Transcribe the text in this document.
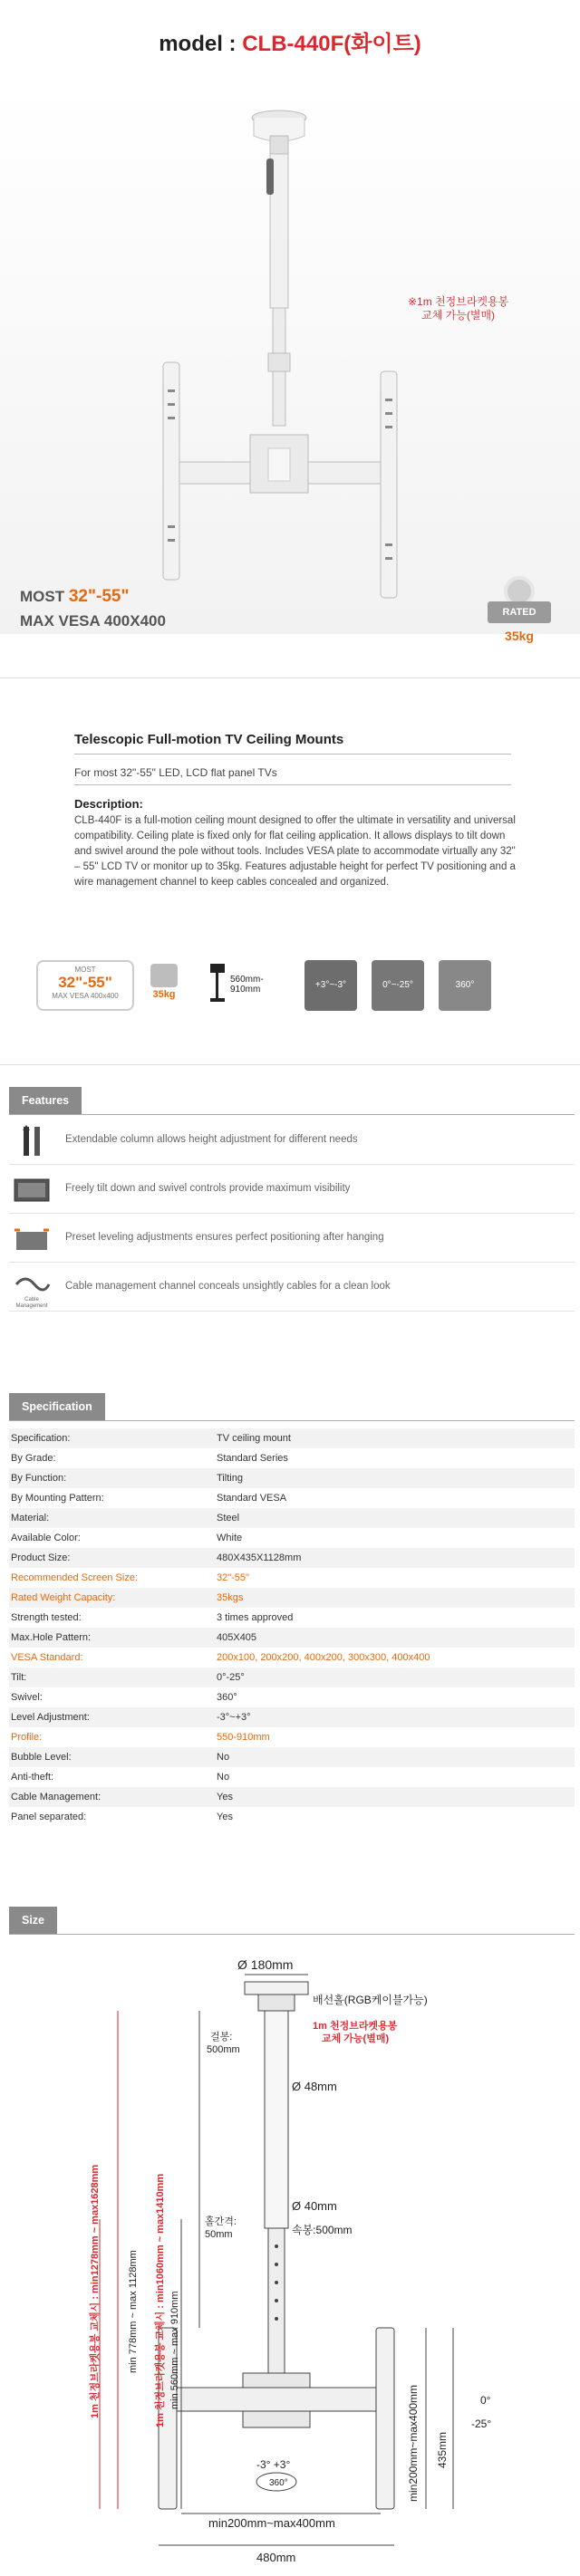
model : CLB-440F(화이트)
※1m 천정브라켓용봉
교체 가능(별매)
MOST 32"-55"
MAX VESA 400X400	RATED
35kg
Telescopic Full-motion TV Ceiling Mounts
For most 32"-55" LED, LCD flat panel TVs
Description:
CLB-440F is a full-motion ceiling mount designed to offer the ultimate in versatility and universal compatibility. Ceiling plate is fixed only for flat ceiling application. It allows displays to tilt down and swivel around the pole without tools. Includes VESA plate to accommodate virtually any 32" – 55" LCD TV or monitor up to 35kg. Features adjustable height for perfect TV positioning and a wire management channel to keep cables concealed and organized.
MOST
32"-55"
MAX VESA 400x400	35kg
560mm-
910mm	+3°~-3°	0°~-25°	360°
Features
Extendable column allows height adjustment for different needs
Freely tilt down and swivel controls provide maximum visibility
Preset leveling adjustments ensures perfect positioning after hanging
Cable Management
Cable management channel conceals unsightly cables for a clean look
Specification
Specification:	TV ceiling mount
By Grade:	Standard Series
By Function:	Tilting
By Mounting Pattern:	Standard VESA
Material:	Steel
Available Color:	White
Product Size:	480X435X1128mm
Recommended Screen Size:	32"-55"
Rated Weight Capacity:	35kgs
Strength tested:	3 times approved
Max.Hole Pattern:	405X405
VESA Standard:	200x100, 200x200, 400x200, 300x300, 400x400
Tilt:	0°-25°
Swivel:	360°
Level Adjustment:	-3°~+3°
Profile:	550-910mm
Bubble Level:	No
Anti-theft:	No
Cable Management:	Yes
Panel separated:	Yes
Size
Ø 180mm
배선홀(RGB케이블가능)
1m 천정브라켓용봉
교체 가능(별매)
걸봉:
500mm
Ø 48mm
Ø 40mm
홀간격:
50mm	속봉:500mm
1m 천정브라켓용봉 교체시 : min1278mm ~ max1628mm	min 778mm ~ max 1128mm 1m 천정브라켓용봉 교체시 : min1060mm ~ max1410mm min 560mm ~ max 910mm
-3° +3°
360°
435mm
min200mm~max400mm	0°
-25°
min200mm~max400mm
480mm
